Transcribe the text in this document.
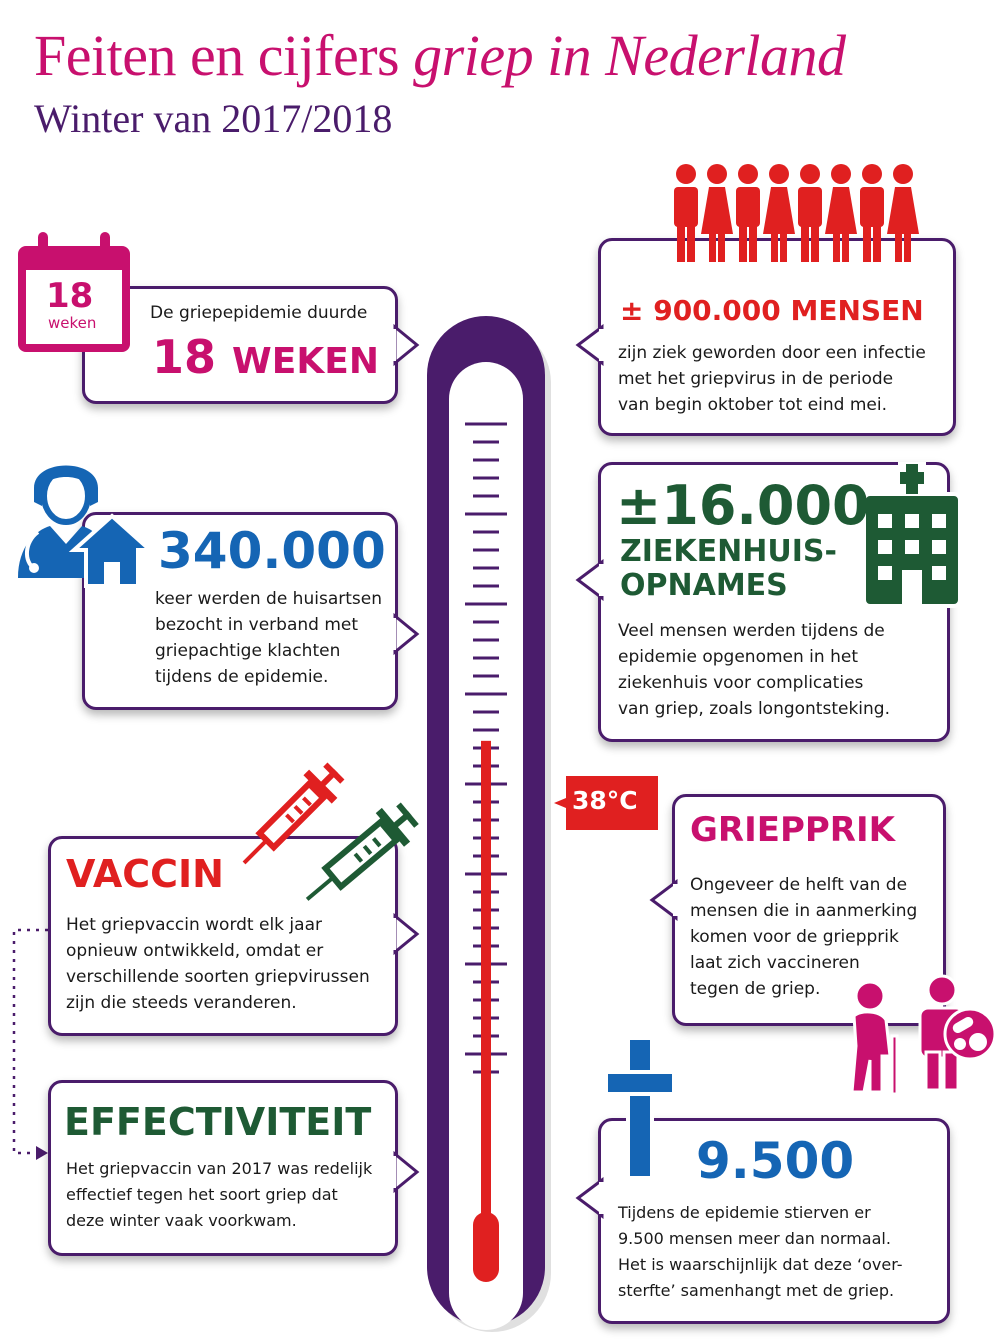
Feiten en cijfers griep in Nederland
Winter van 2017/2018
38°C
De griepepidemie duurde
18 WEKEN
18
weken	± 900.000 MENSEN
zijn ziek geworden door een infectie
met het griepvirus in de periode
van begin oktober tot eind mei.
340.000
keer werden de huisartsen
bezocht in verband met
griepachtige klachten
tijdens de epidemie.
±16.000
ZIEKENHUIS-
OPNAMES
Veel mensen werden tijdens de
epidemie opgenomen in het
ziekenhuis voor complicaties
van griep, zoals longontsteking.
VACCIN
Het griepvaccin wordt elk jaar
opnieuw ontwikkeld, omdat er
verschillende soorten griepvirussen
zijn die steeds veranderen.
GRIEPPRIK
Ongeveer de helft van de
mensen die in aanmerking
komen voor de griepprik
laat zich vaccineren
tegen de griep.
EFFECTIVITEIT
Het griepvaccin van 2017 was redelijk
effectief tegen het soort griep dat
deze winter vaak voorkwam.
9.500
Tijdens de epidemie stierven er
9.500 mensen meer dan normaal.
Het is waarschijnlijk dat deze ‘over-
sterfte’ samenhangt met de griep.
